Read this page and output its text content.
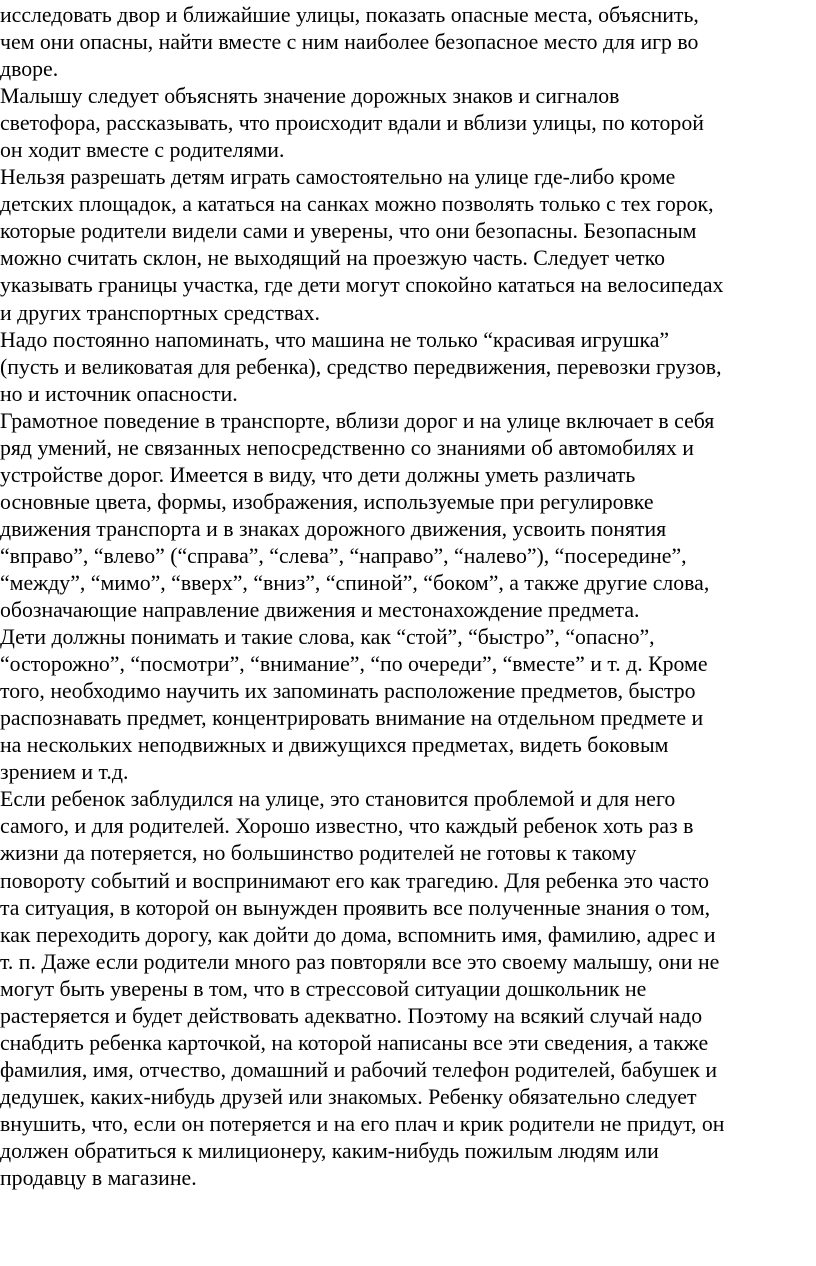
исследовать двор и ближайшие улицы, показать опасные места, объяснить,
чем они опасны, найти вместе с ним наиболее безопасное место для игр во
дворе.
Малышу следует объяснять значение дорожных знаков и сигналов
светофора, рассказывать, что происходит вдали и вблизи улицы, по которой
он ходит вместе с родителями.
Нельзя разрешать детям играть самостоятельно на улице где-либо кроме
детских площадок, а кататься на санках можно позволять только с тех горок,
которые родители видели сами и уверены, что они безопасны. Безопасным
можно считать склон, не выходящий на проезжую часть. Следует четко
указывать границы участка, где дети могут спокойно кататься на велосипедах
и других транспортных средствах.
Надо постоянно напоминать, что машина не только “красивая игрушка”
(пусть и великоватая для ребенка), средство передвижения, перевозки грузов,
но и источник опасности.
Грамотное поведение в транспорте, вблизи дорог и на улице включает в себя
ряд умений, не связанных непосредственно со знаниями об автомобилях и
устройстве дорог. Имеется в виду, что дети должны уметь различать
основные цвета, формы, изображения, используемые при регулировке
движения транспорта и в знаках дорожного движения, усвоить понятия
“вправо”, “влево” (“справа”, “слева”, “направо”, “налево”), “посередине”,
“между”, “мимо”, “вверх”, “вниз”, “спиной”, “боком”, а также другие слова,
обозначающие направление движения и местонахождение предмета.
Дети должны понимать и такие слова, как “стой”, “быстро”, “опасно”,
“осторожно”, “посмотри”, “внимание”, “по очереди”, “вместе” и т. д. Кроме
того, необходимо научить их запоминать расположение предметов, быстро
распознавать предмет, концентрировать внимание на отдельном предмете и
на нескольких неподвижных и движущихся предметах, видеть боковым
зрением и т.д.
Если ребенок заблудился на улице, это становится проблемой и для него
самого, и для родителей. Хорошо известно, что каждый ребенок хоть раз в
жизни да потеряется, но большинство родителей не готовы к такому
повороту событий и воспринимают его как трагедию. Для ребенка это часто
та ситуация, в которой он вынужден проявить все полученные знания о том,
как переходить дорогу, как дойти до дома, вспомнить имя, фамилию, адрес и
т. п. Даже если родители много раз повторяли все это своему малышу, они не
могут быть уверены в том, что в стрессовой ситуации дошкольник не
растеряется и будет действовать адекватно. Поэтому на всякий случай надо
снабдить ребенка карточкой, на которой написаны все эти сведения, а также
фамилия, имя, отчество, домашний и рабочий телефон родителей, бабушек и
дедушек, каких-нибудь друзей или знакомых. Ребенку обязательно следует
внушить, что, если он потеряется и на его плач и крик родители не придут, он
должен обратиться к милиционеру, каким-нибудь пожилым людям или
продавцу в магазине.
